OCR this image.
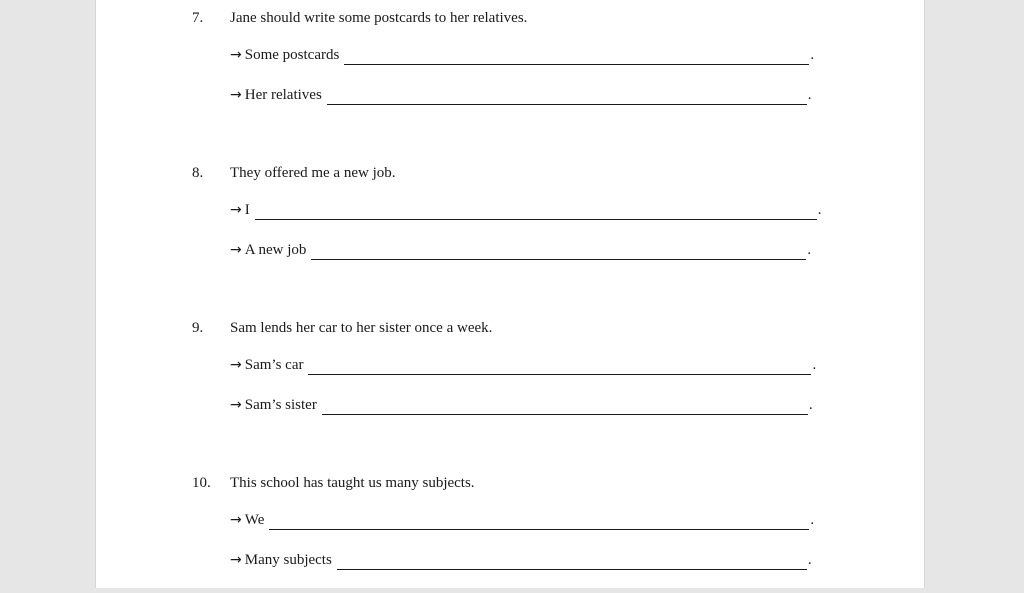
7. Jane should write some postcards to her relatives.
→ Some postcards	.
→ Her relatives	.
8. They offered me a new job.
→ I	.
→ A new job	.
9. Sam lends her car to her sister once a week.
→ Sam’s car	.
→ Sam’s sister	.
10. This school has taught us many subjects.
→ We	.
→ Many subjects	.
